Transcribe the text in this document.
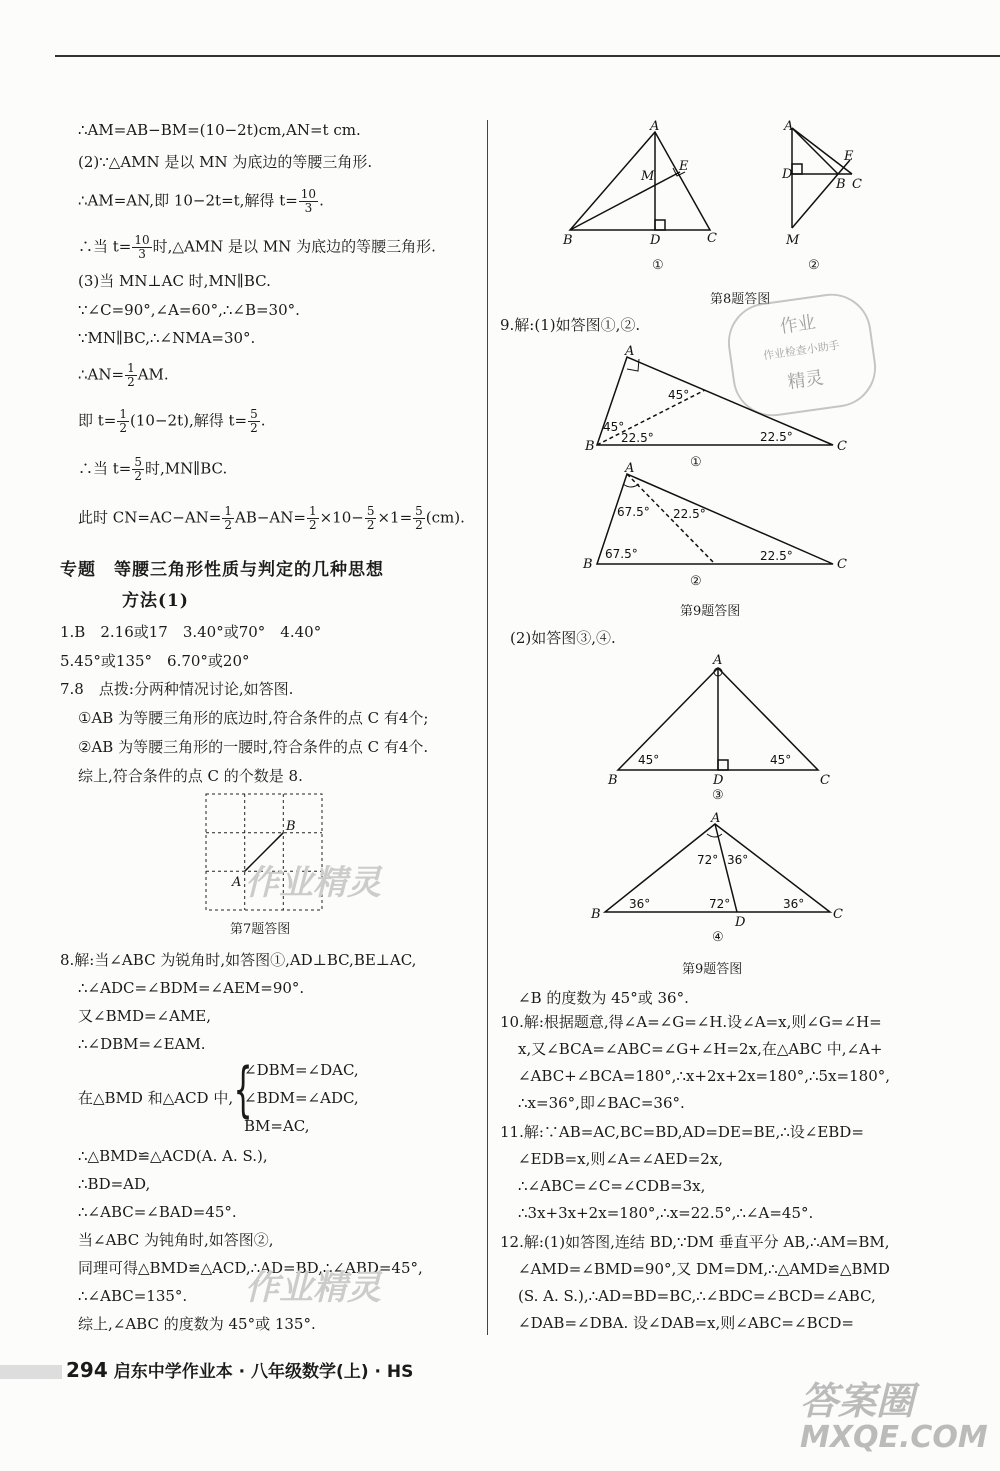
∴AM=AB−BM=(10−2t)cm,AN=t cm.
(2)∵△AMN 是以 MN 为底边的等腰三角形.
∴AM=AN,即 10−2t=t,解得 $t= \frac{10}{3}$ .
∴当 $t= \frac{10}{3}$ 时,△AMN 是以 MN 为底边的等腰三角形.
(3)当 MN⊥AC 时,MN∥BC.
∵∠C=90°,∠A=60°,∴∠B=30°.
∵MN∥BC,∴∠NMA=30°.
∴AN= $\frac{1}{2}$ AM.
即 $t= \frac{1}{2} (10-2t)$,解得 $t= \frac{5}{2}$ .
∴当 $t= \frac{5}{2}$ 时,MN∥BC.
此时 $CN=AC-AN= \frac{1}{2} AB-AN= \frac{1}{2} \times 10- \frac{5}{2} \times 1= \frac{5}{2} (cm)$.
专题　等腰三角形性质与判定的几种思想
方法(1)
1.B　2.16或17　3.40°或70°　4.40°
5.45°或135°　6.70°或20°
7.8　点拨:分两种情况讨论,如答图.
①AB 为等腰三角形的底边时,符合条件的点 C 有4个;
②AB 为等腰三角形的一腰时,符合条件的点 C 有4个.
综上,符合条件的点 C 的个数是 8.
B
A
第7题答图
8.解:当∠ABC 为锐角时,如答图①,AD⊥BC,BE⊥AC,
∴∠ADC=∠BDM=∠AEM=90°.
又∠BMD=∠AME,
∴∠DBM=∠EAM.
在△BMD 和△ACD 中, {
∠DBM=∠DAC,
∠BDM=∠ADC,
BM=AC,
∴△BMD≌△ACD(A. A. S.),
∴BD=AD,
∴∠ABC=∠BAD=45°.
当∠ABC 为钝角时,如答图②,
同理可得△BMD≌△ACD,∴AD=BD,∴∠ABD=45°,
∴∠ABC=135°.
综上,∠ABC 的度数为 45°或 135°.
A
B	D	C
M
E
①
A
D
B C
E
M
②
第8题答图
9.解:(1)如答图①,②.	作业
作业检查小助手
精灵
45°
45°
22.5°	22.5°
A
B	C
①
67.5°
67.5°
22.5°
22.5°
A
B	C
②
第9题答图
(2)如答图③,④.
45°	45°
A
B	D	C
③
72° 36°
36°	72°	36°
A
B
D
C
④
第9题答图
∠B 的度数为 45°或 36°.
10.解:根据题意,得∠A=∠G=∠H.设∠A=x,则∠G=∠H=
x,又∠BCA=∠ABC=∠G+∠H=2x,在△ABC 中,∠A+
∠ABC+∠BCA=180°,∴x+2x+2x=180°,∴5x=180°,
∴x=36°,即∠BAC=36°.
11.解:∵AB=AC,BC=BD,AD=DE=BE,∴设∠EBD=
∠EDB=x,则∠A=∠AED=2x,
∴∠ABC=∠C=∠CDB=3x,
∴3x+3x+2x=180°,∴x=22.5°,∴∠A=45°.
12.解:(1)如答图,连结 BD,∵DM 垂直平分 AB,∴AM=BM,
∠AMD=∠BMD=90°,又 DM=DM,∴△AMD≌△BMD
(S. A. S.),∴AD=BD=BC,∴∠BDC=∠BCD=∠ABC,
∠DAB=∠DBA. 设∠DAB=x,则∠ABC=∠BCD=
作业精灵
作业精灵
答案圈
MXQE.COM
294 启东中学作业本 · 八年级数学(上) · HS
